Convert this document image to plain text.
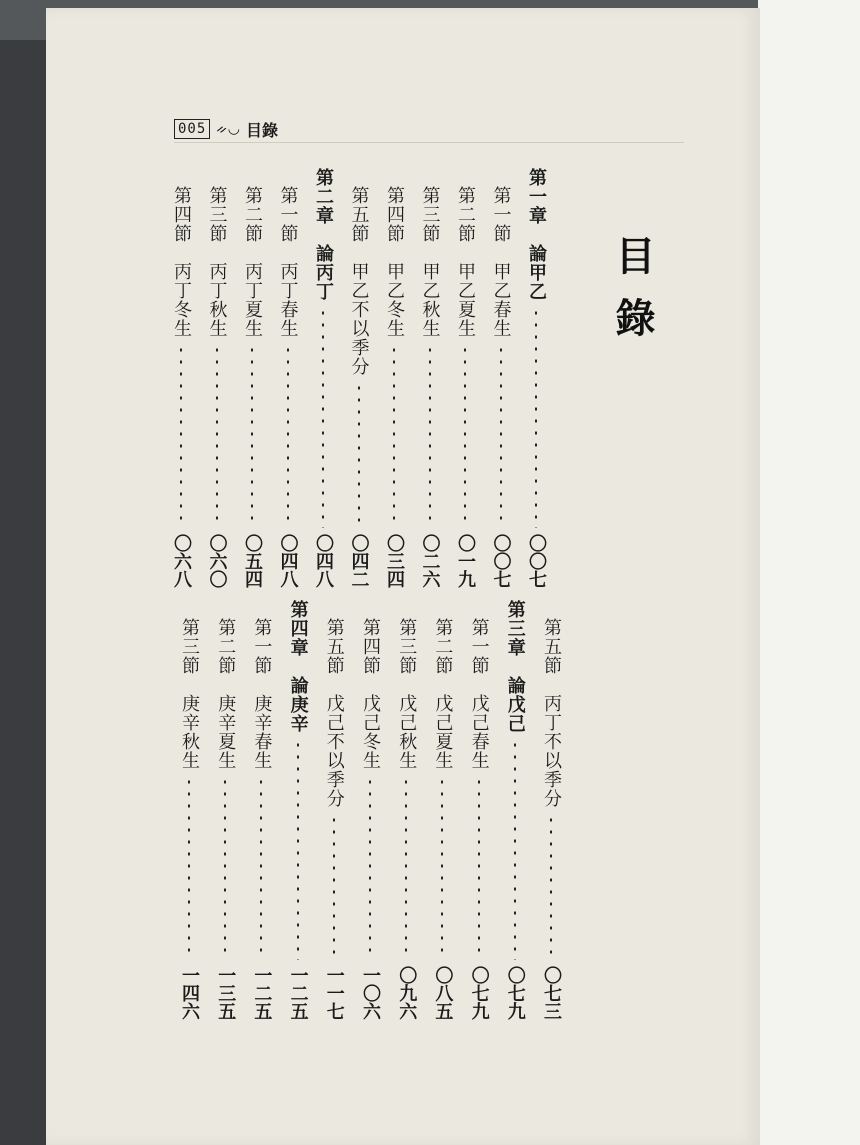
005 ᨀ◡ 目錄
目錄
第一章　論甲乙
〇〇七
第一節　甲乙春生
〇〇七
第二節　甲乙夏生
〇一九
第三節　甲乙秋生
〇二六
第四節　甲乙冬生
〇三四
第五節　甲乙不以季分
〇四二
第二章　論丙丁
〇四八
第一節　丙丁春生
〇四八
第二節　丙丁夏生
〇五四
第三節　丙丁秋生
〇六〇
第四節　丙丁冬生
〇六八
第五節　丙丁不以季分
〇七三
第三章　論戊己
〇七九
第一節　戊己春生
〇七九
第二節　戊己夏生
〇八五
第三節　戊己秋生
〇九六
第四節　戊己冬生
一〇六
第五節　戊己不以季分
一一七
第四章　論庚辛
一二五
第一節　庚辛春生
一二五
第二節　庚辛夏生
一三五
第三節　庚辛秋生
一四六
